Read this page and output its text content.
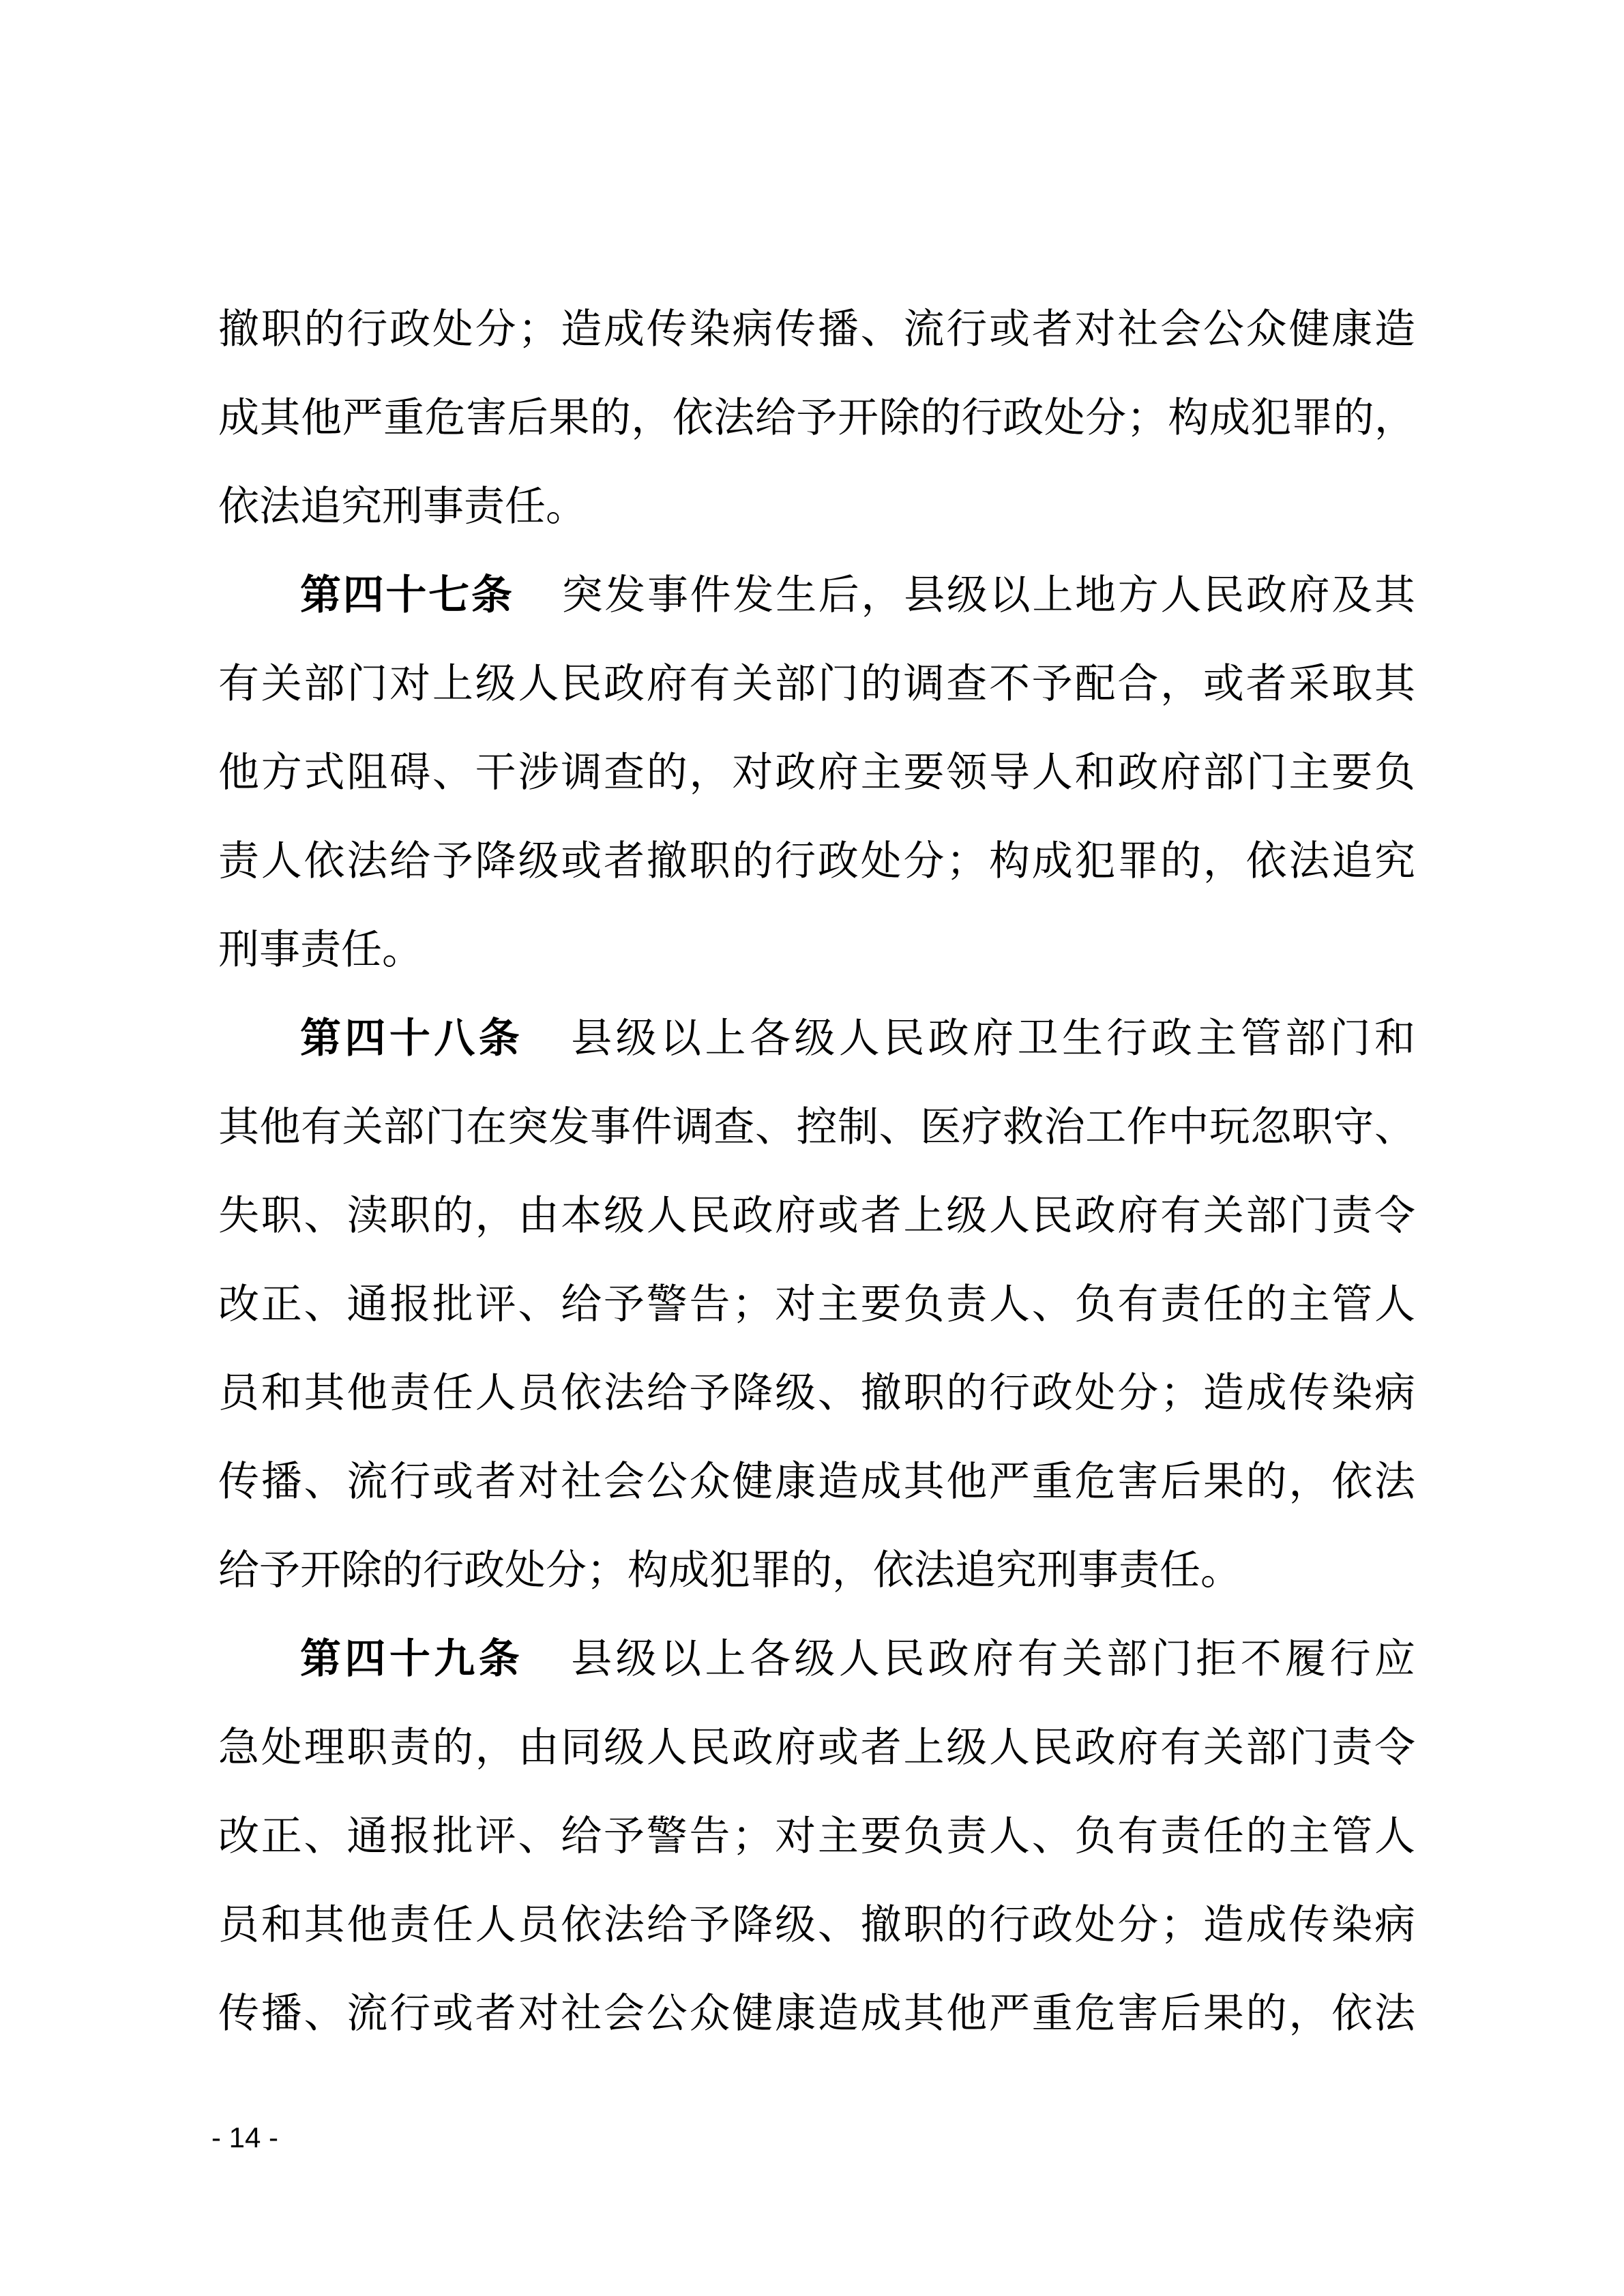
撤职的行政处分；造成传染病传播、流行或者对社会公众健康造
成其他严重危害后果的，依法给予开除的行政处分；构成犯罪的，
依法追究刑事责任。
第四十七条 突发事件发生后，县级以上地方人民政府及其
有关部门对上级人民政府有关部门的调查不予配合，或者采取其
他方式阻碍、干涉调查的，对政府主要领导人和政府部门主要负
责人依法给予降级或者撤职的行政处分；构成犯罪的，依法追究
刑事责任。
第四十八条 县级以上各级人民政府卫生行政主管部门和
其他有关部门在突发事件调查、控制、医疗救治工作中玩忽职守、
失职、渎职的，由本级人民政府或者上级人民政府有关部门责令
改正、通报批评、给予警告；对主要负责人、负有责任的主管人
员和其他责任人员依法给予降级、撤职的行政处分；造成传染病
传播、流行或者对社会公众健康造成其他严重危害后果的，依法
给予开除的行政处分；构成犯罪的，依法追究刑事责任。
第四十九条 县级以上各级人民政府有关部门拒不履行应
急处理职责的，由同级人民政府或者上级人民政府有关部门责令
改正、通报批评、给予警告；对主要负责人、负有责任的主管人
员和其他责任人员依法给予降级、撤职的行政处分；造成传染病
传播、流行或者对社会公众健康造成其他严重危害后果的，依法
- 14 -
